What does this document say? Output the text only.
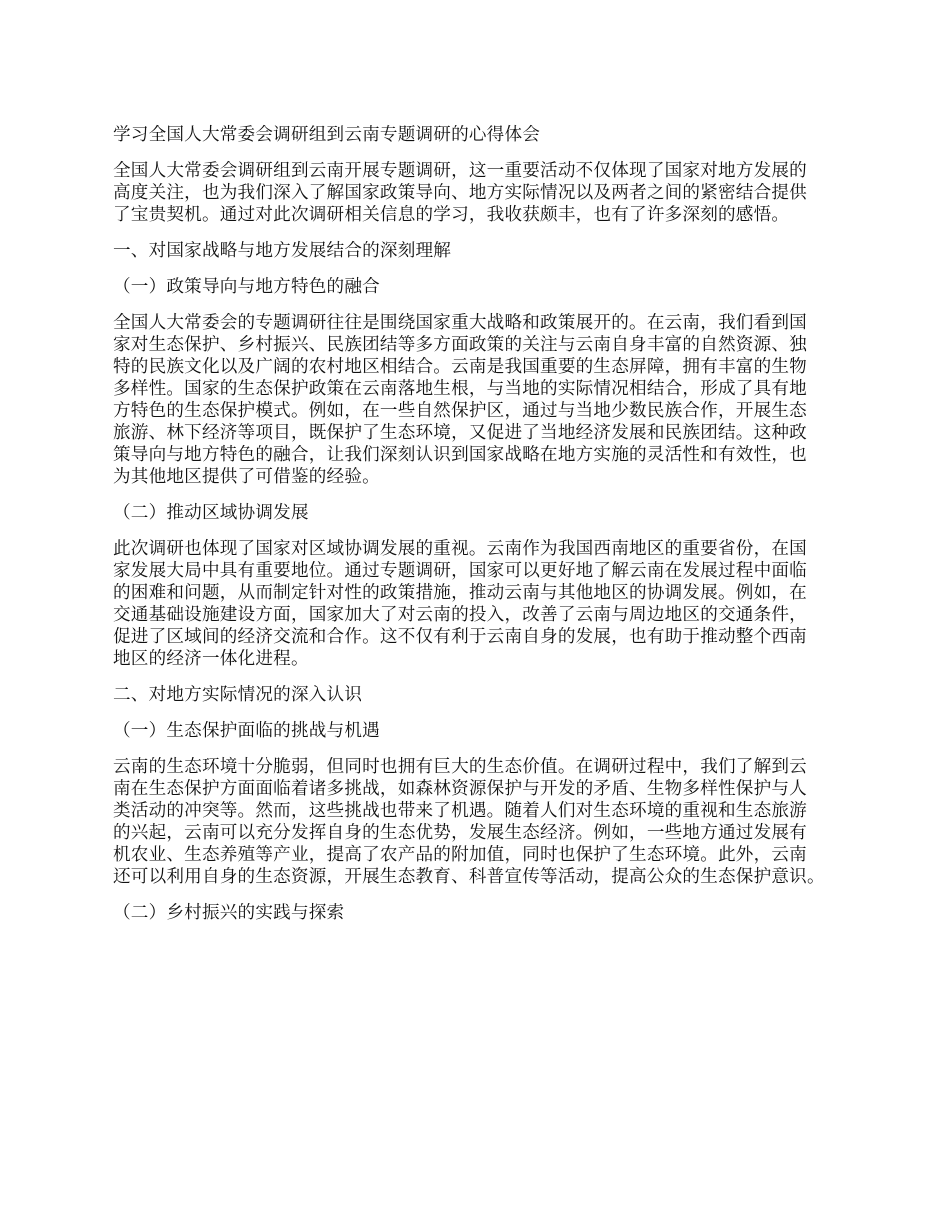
学习全国人大常委会调研组到云南专题调研的心得体会
全国人大常委会调研组到云南开展专题调研，这一重要活动不仅体现了国家对地方发展的
高度关注，也为我们深入了解国家政策导向、地方实际情况以及两者之间的紧密结合提供
了宝贵契机。通过对此次调研相关信息的学习，我收获颇丰，也有了许多深刻的感悟。
一、对国家战略与地方发展结合的深刻理解
（一）政策导向与地方特色的融合
全国人大常委会的专题调研往往是围绕国家重大战略和政策展开的。在云南，我们看到国
家对生态保护、乡村振兴、民族团结等多方面政策的关注与云南自身丰富的自然资源、独
特的民族文化以及广阔的农村地区相结合。云南是我国重要的生态屏障，拥有丰富的生物
多样性。国家的生态保护政策在云南落地生根，与当地的实际情况相结合，形成了具有地
方特色的生态保护模式。例如，在一些自然保护区，通过与当地少数民族合作，开展生态
旅游、林下经济等项目，既保护了生态环境，又促进了当地经济发展和民族团结。这种政
策导向与地方特色的融合，让我们深刻认识到国家战略在地方实施的灵活性和有效性，也
为其他地区提供了可借鉴的经验。
（二）推动区域协调发展
此次调研也体现了国家对区域协调发展的重视。云南作为我国西南地区的重要省份，在国
家发展大局中具有重要地位。通过专题调研，国家可以更好地了解云南在发展过程中面临
的困难和问题，从而制定针对性的政策措施，推动云南与其他地区的协调发展。例如，在
交通基础设施建设方面，国家加大了对云南的投入，改善了云南与周边地区的交通条件，
促进了区域间的经济交流和合作。这不仅有利于云南自身的发展，也有助于推动整个西南
地区的经济一体化进程。
二、对地方实际情况的深入认识
（一）生态保护面临的挑战与机遇
云南的生态环境十分脆弱，但同时也拥有巨大的生态价值。在调研过程中，我们了解到云
南在生态保护方面面临着诸多挑战，如森林资源保护与开发的矛盾、生物多样性保护与人
类活动的冲突等。然而，这些挑战也带来了机遇。随着人们对生态环境的重视和生态旅游
的兴起，云南可以充分发挥自身的生态优势，发展生态经济。例如，一些地方通过发展有
机农业、生态养殖等产业，提高了农产品的附加值，同时也保护了生态环境。此外，云南
还可以利用自身的生态资源，开展生态教育、科普宣传等活动，提高公众的生态保护意识。
（二）乡村振兴的实践与探索
